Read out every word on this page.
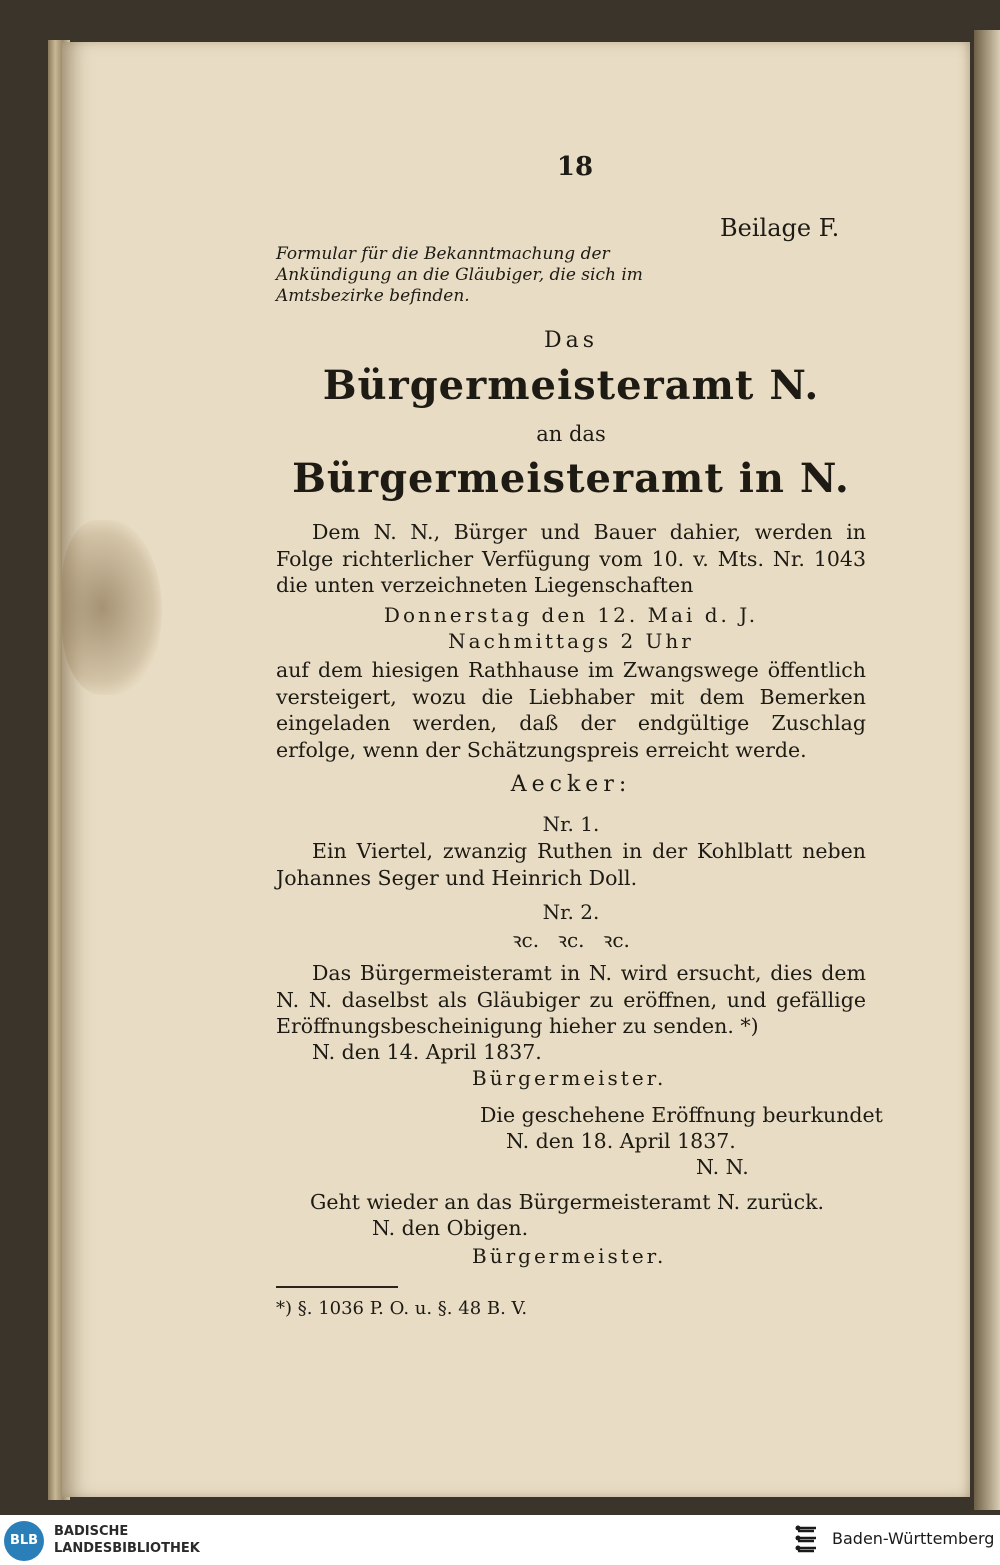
18
Beilage F.
Formular für die Bekanntmachung der Ankündigung an die Gläubiger, die sich im Amtsbezirke befinden.
Das
Bürgermeisteramt N.
an das
Bürgermeisteramt in N.
Dem N. N., Bürger und Bauer dahier, werden in Folge richterlicher Verfügung vom 10. v. Mts. Nr. 1043 die unten verzeichneten Liegenschaften
Donnerstag den 12. Mai d. J.
Nachmittags 2 Uhr
auf dem hiesigen Rathhause im Zwangswege öffentlich versteigert, wozu die Liebhaber mit dem Bemerken eingeladen werden, daß der endgültige Zuschlag erfolge, wenn der Schätzungspreis erreicht werde.
Aecker:
Nr. 1.
Ein Viertel, zwanzig Ruthen in der Kohlblatt neben Johannes Seger und Heinrich Doll.
Nr. 2.
ꝛc. ꝛc. ꝛc.
Das Bürgermeisteramt in N. wird ersucht, dies dem N. N. daselbst als Gläubiger zu eröffnen, und gefällige Eröffnungsbescheinigung hieher zu senden. *)
N. den 14. April 1837.
Bürgermeister.
Die geschehene Eröffnung beurkundet
N. den 18. April 1837.
N. N.
Geht wieder an das Bürgermeisteramt N. zurück.
N. den Obigen.
Bürgermeister.
*) §. 1036 P. O. u. §. 48 B. V.
BLB
BADISCHE
LANDESBIBLIOTHEK
Baden-Württemberg
